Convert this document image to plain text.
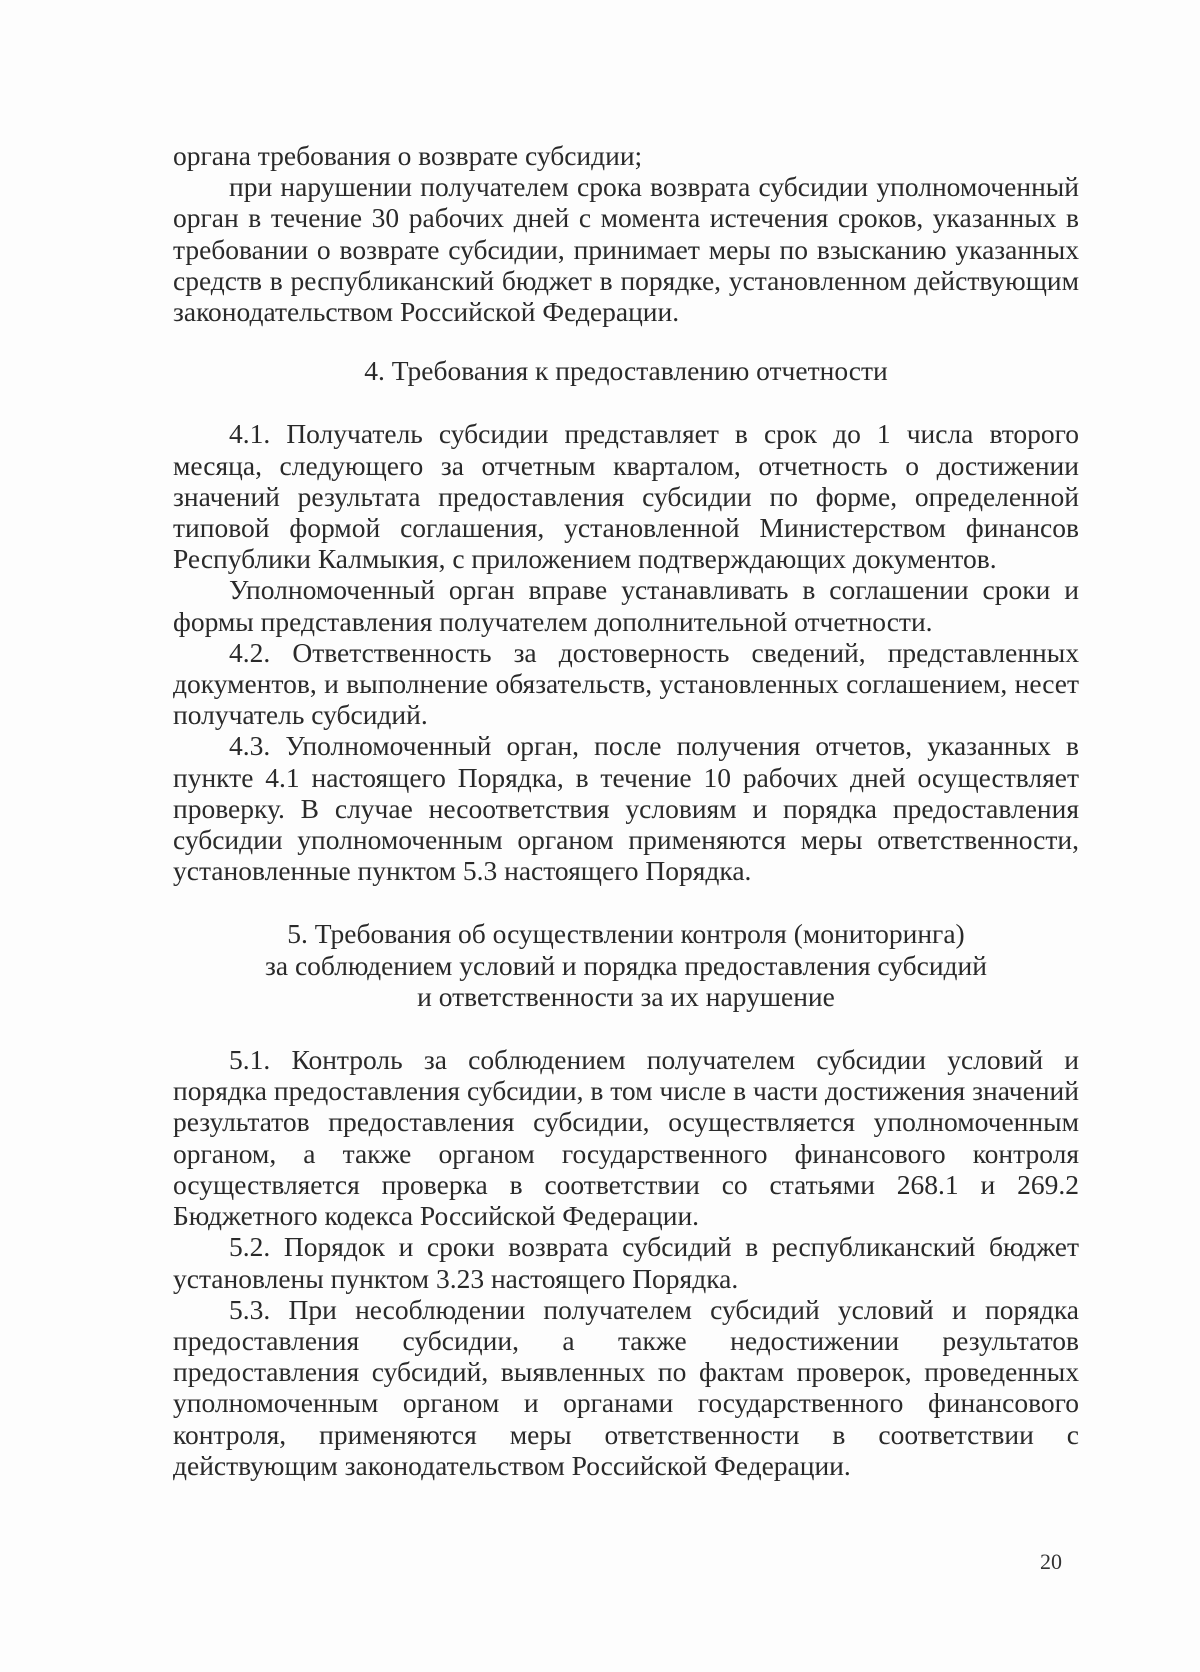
органа требования о возврате субсидии;

при нарушении получателем срока возврата субсидии уполномоченный орган в течение 30 рабочих дней с момента истечения сроков, указанных в требовании о возврате субсидии, принимает меры по взысканию указанных средств в республиканский бюджет в порядке, установленном действующим законодательством Российской Федерации.

4. Требования к предоставлению отчетности

4.1. Получатель субсидии представляет в срок до 1 числа второго месяца, следующего за отчетным кварталом, отчетность о достижении значений результата предоставления субсидии по форме, определенной типовой формой соглашения, установленной Министерством финансов Республики Калмыкия, с приложением подтверждающих документов.

Уполномоченный орган вправе устанавливать в соглашении сроки и формы представления получателем дополнительной отчетности.

4.2. Ответственность за достоверность сведений, представленных документов, и выполнение обязательств, установленных соглашением, несет получатель субсидий.

4.3. Уполномоченный орган, после получения отчетов, указанных в пункте 4.1 настоящего Порядка, в течение 10 рабочих дней осуществляет проверку. В случае несоответствия условиям и порядка предоставления субсидии уполномоченным органом применяются меры ответственности, установленные пунктом 5.3 настоящего Порядка.

5. Требования об осуществлении контроля (мониторинга)

за соблюдением условий и порядка предоставления субсидий

и ответственности за их нарушение

5.1. Контроль за соблюдением получателем субсидии условий и порядка предоставления субсидии, в том числе в части достижения значений результатов предоставления субсидии, осуществляется уполномоченным органом, а также органом государственного финансового контроля осуществляется проверка в соответствии со статьями 268.1 и 269.2 Бюджетного кодекса Российской Федерации.

5.2. Порядок и сроки возврата субсидий в республиканский бюджет установлены пунктом 3.23 настоящего Порядка.

5.3. При несоблюдении получателем субсидий условий и порядка предоставления субсидии, а также недостижении результатов предоставления субсидий, выявленных по фактам проверок, проведенных уполномоченным органом и органами государственного финансового контроля, применяются меры ответственности в соответствии с действующим законодательством Российской Федерации.

20
